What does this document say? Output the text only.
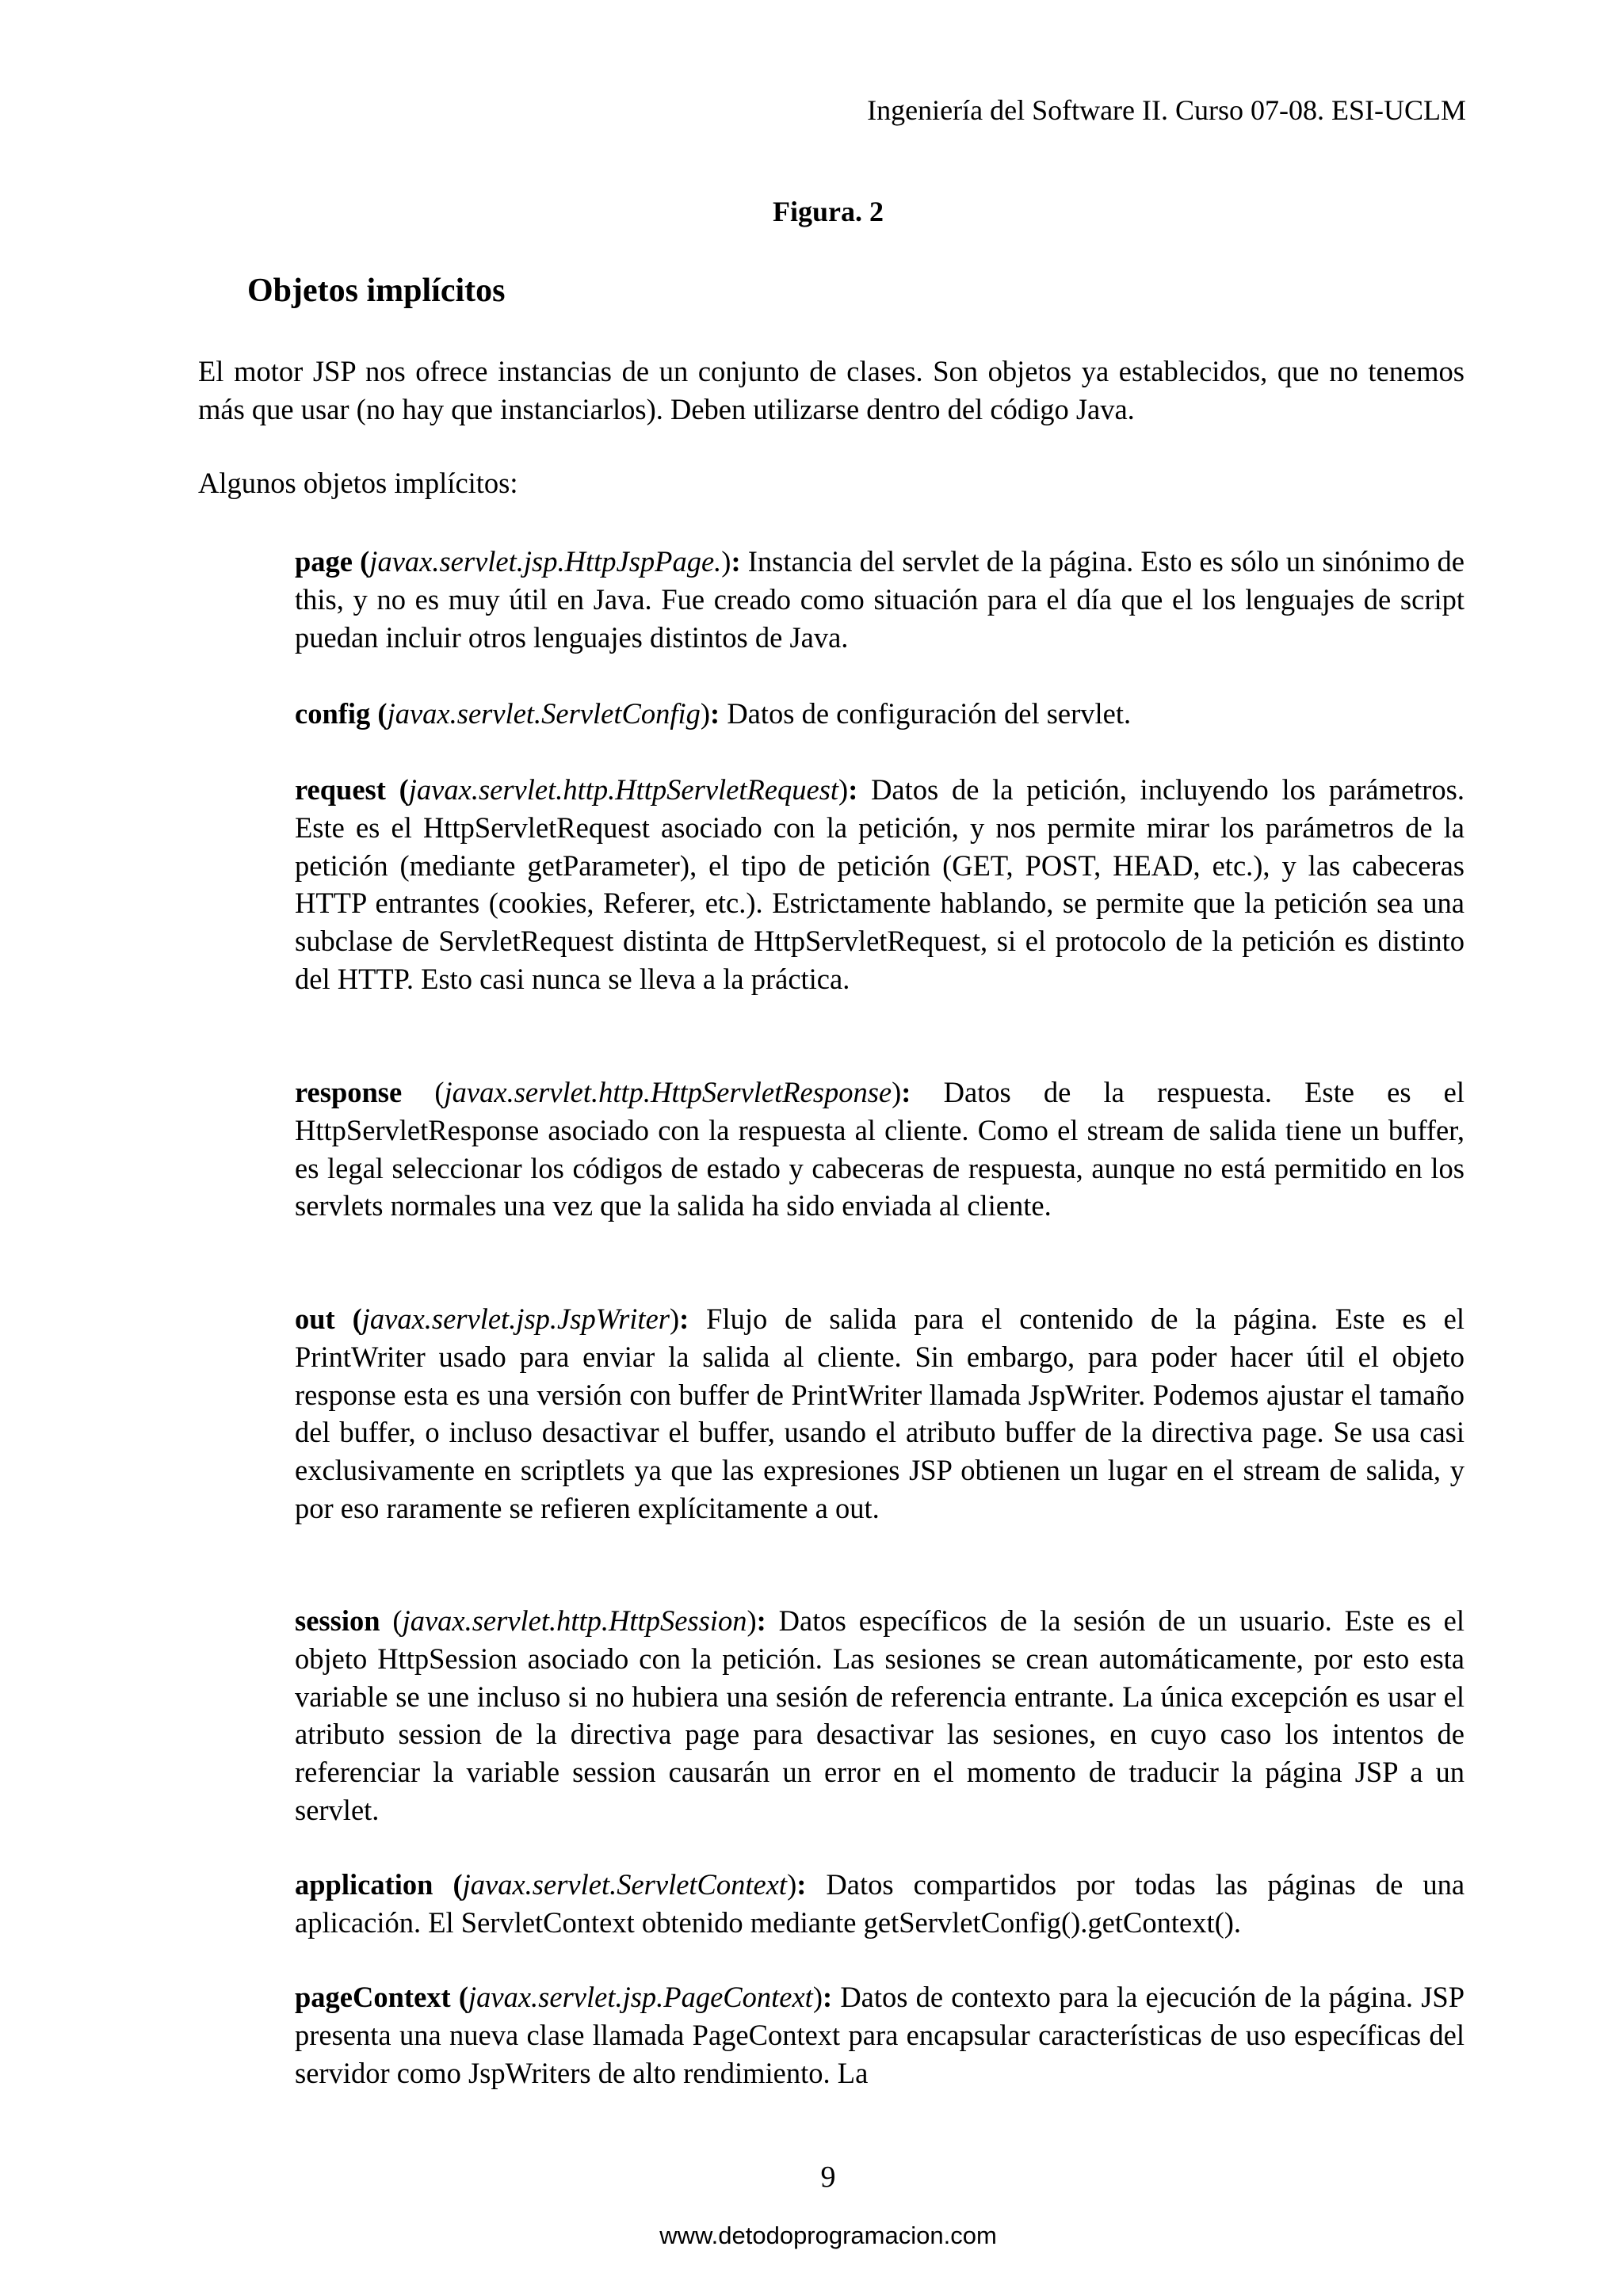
Ingeniería del Software II. Curso 07-08. ESI-UCLM
Figura. 2
Objetos implícitos

El motor JSP nos ofrece instancias de un conjunto de clases. Son objetos ya establecidos, que no tenemos más que usar (no hay que instanciarlos). Deben utilizarse dentro del código Java.

Algunos objetos implícitos:

page (javax.servlet.jsp.HttpJspPage.): Instancia del servlet de la página. Esto es sólo un sinónimo de this, y no es muy útil en Java. Fue creado como situación para el día que el los lenguajes de script puedan incluir otros lenguajes distintos de Java.

config (javax.servlet.ServletConfig): Datos de configuración del servlet.

request (javax.servlet.http.HttpServletRequest): Datos de la petición, incluyendo los parámetros. Este es el HttpServletRequest asociado con la petición, y nos permite mirar los parámetros de la petición (mediante getParameter), el tipo de petición (GET, POST, HEAD, etc.), y las cabeceras HTTP entrantes (cookies, Referer, etc.). Estrictamente hablando, se permite que la petición sea una subclase de ServletRequest distinta de HttpServletRequest, si el protocolo de la petición es distinto del HTTP. Esto casi nunca se lleva a la práctica.

response (javax.servlet.http.HttpServletResponse): Datos de la respuesta. Este es el HttpServletResponse asociado con la respuesta al cliente. Como el stream de salida tiene un buffer, es legal seleccionar los códigos de estado y cabeceras de respuesta, aunque no está permitido en los servlets normales una vez que la salida ha sido enviada al cliente.

out (javax.servlet.jsp.JspWriter): Flujo de salida para el contenido de la página. Este es el PrintWriter usado para enviar la salida al cliente. Sin embargo, para poder hacer útil el objeto response esta es una versión con buffer de PrintWriter llamada JspWriter. Podemos ajustar el tamaño del buffer, o incluso desactivar el buffer, usando el atributo buffer de la directiva page. Se usa casi exclusivamente en scriptlets ya que las expresiones JSP obtienen un lugar en el stream de salida, y por eso raramente se refieren explícitamente a out.

session (javax.servlet.http.HttpSession): Datos específicos de la sesión de un usuario. Este es el objeto HttpSession asociado con la petición. Las sesiones se crean automáticamente, por esto esta variable se une incluso si no hubiera una sesión de referencia entrante. La única excepción es usar el atributo session de la directiva page para desactivar las sesiones, en cuyo caso los intentos de referenciar la variable session causarán un error en el momento de traducir la página JSP a un servlet.

application (javax.servlet.ServletContext): Datos compartidos por todas las páginas de una aplicación. El ServletContext obtenido mediante getServletConfig().getContext().

pageContext (javax.servlet.jsp.PageContext): Datos de contexto para la ejecución de la página. JSP presenta una nueva clase llamada PageContext para encapsular características de uso específicas del servidor como JspWriters de alto rendimiento. La

9
www.detodoprogramacion.com
